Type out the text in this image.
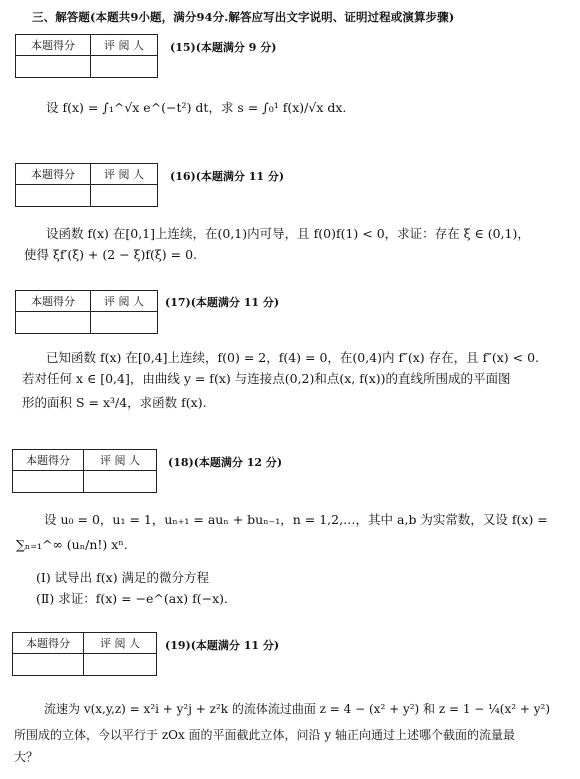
三、解答题(本题共9小题，满分94分.解答应写出文字说明、证明过程或演算步骤)
本题得分	评 阅 人
	(15)(本题满分 9 分)
设 f(x) = ∫₁^√x e^(−t²) dt，求 s = ∫₀¹ f(x)/√x dx.
本题得分	评 阅 人
	(16)(本题满分 11 分)
设函数 f(x) 在[0,1]上连续，在(0,1)内可导，且 f(0)f(1) < 0，求证：存在 ξ ∈ (0,1)，
使得 ξf′(ξ) + (2 − ξ)f(ξ) = 0.
本题得分	评 阅 人
	(17)(本题满分 11 分)
已知函数 f(x) 在[0,4]上连续，f(0) = 2，f(4) = 0，在(0,4)内 f″(x) 存在，且 f″(x) < 0.
若对任何 x ∈ [0,4]，由曲线 y = f(x) 与连接点(0,2)和点(x, f(x))的直线所围成的平面图
形的面积 S = x³/4，求函数 f(x).
本题得分	评 阅 人
		(18)(本题满分 12 分)
设 u₀ = 0，u₁ = 1，uₙ₊₁ = auₙ + buₙ₋₁，n = 1,2,…，其中 a,b 为实常数，又设 f(x) =
∑ₙ₌₁^∞ (uₙ/n!) xⁿ.
(Ⅰ) 试导出 f(x) 满足的微分方程
(Ⅱ) 求证：f(x) = −e^(ax) f(−x).
本题得分	评 阅 人
	(19)(本题满分 11 分)
流速为 v(x,y,z) = x²i + y²j + z²k 的流体流过曲面 z = 4 − (x² + y²) 和 z = 1 − ¼(x² + y²)
所围成的立体，今以平行于 zOx 面的平面截此立体，问沿 y 轴正向通过上述哪个截面的流量最
大？
